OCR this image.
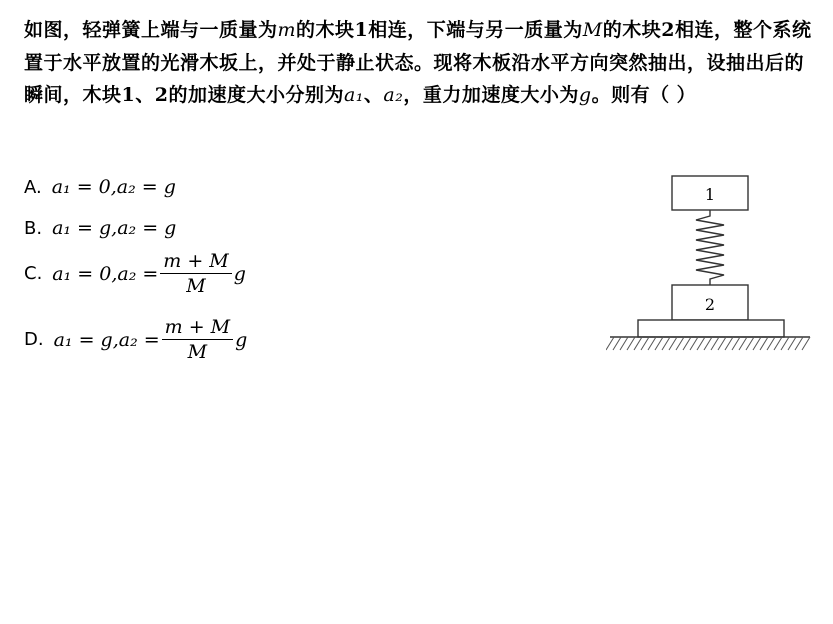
如图，轻弹簧上端与一质量为m的木块1相连，下端与另一质量为M的木块2相连，整个系统置于水平放置的光滑木坂上，并处于静止状态。现将木板沿水平方向突然抽出，设抽出后的瞬间，木块1、2的加速度大小分别为a₁、a₂，重力加速度大小为g。则有（ ）

A. a₁ = 0,a₂ = g
B. a₁ = g,a₂ = g
C. $a_1 = 0,a_2 = \frac{m + M}{M}$ g
D. $a_1 = g,a_2 = \frac{m + M}{M}$ g
1
2
